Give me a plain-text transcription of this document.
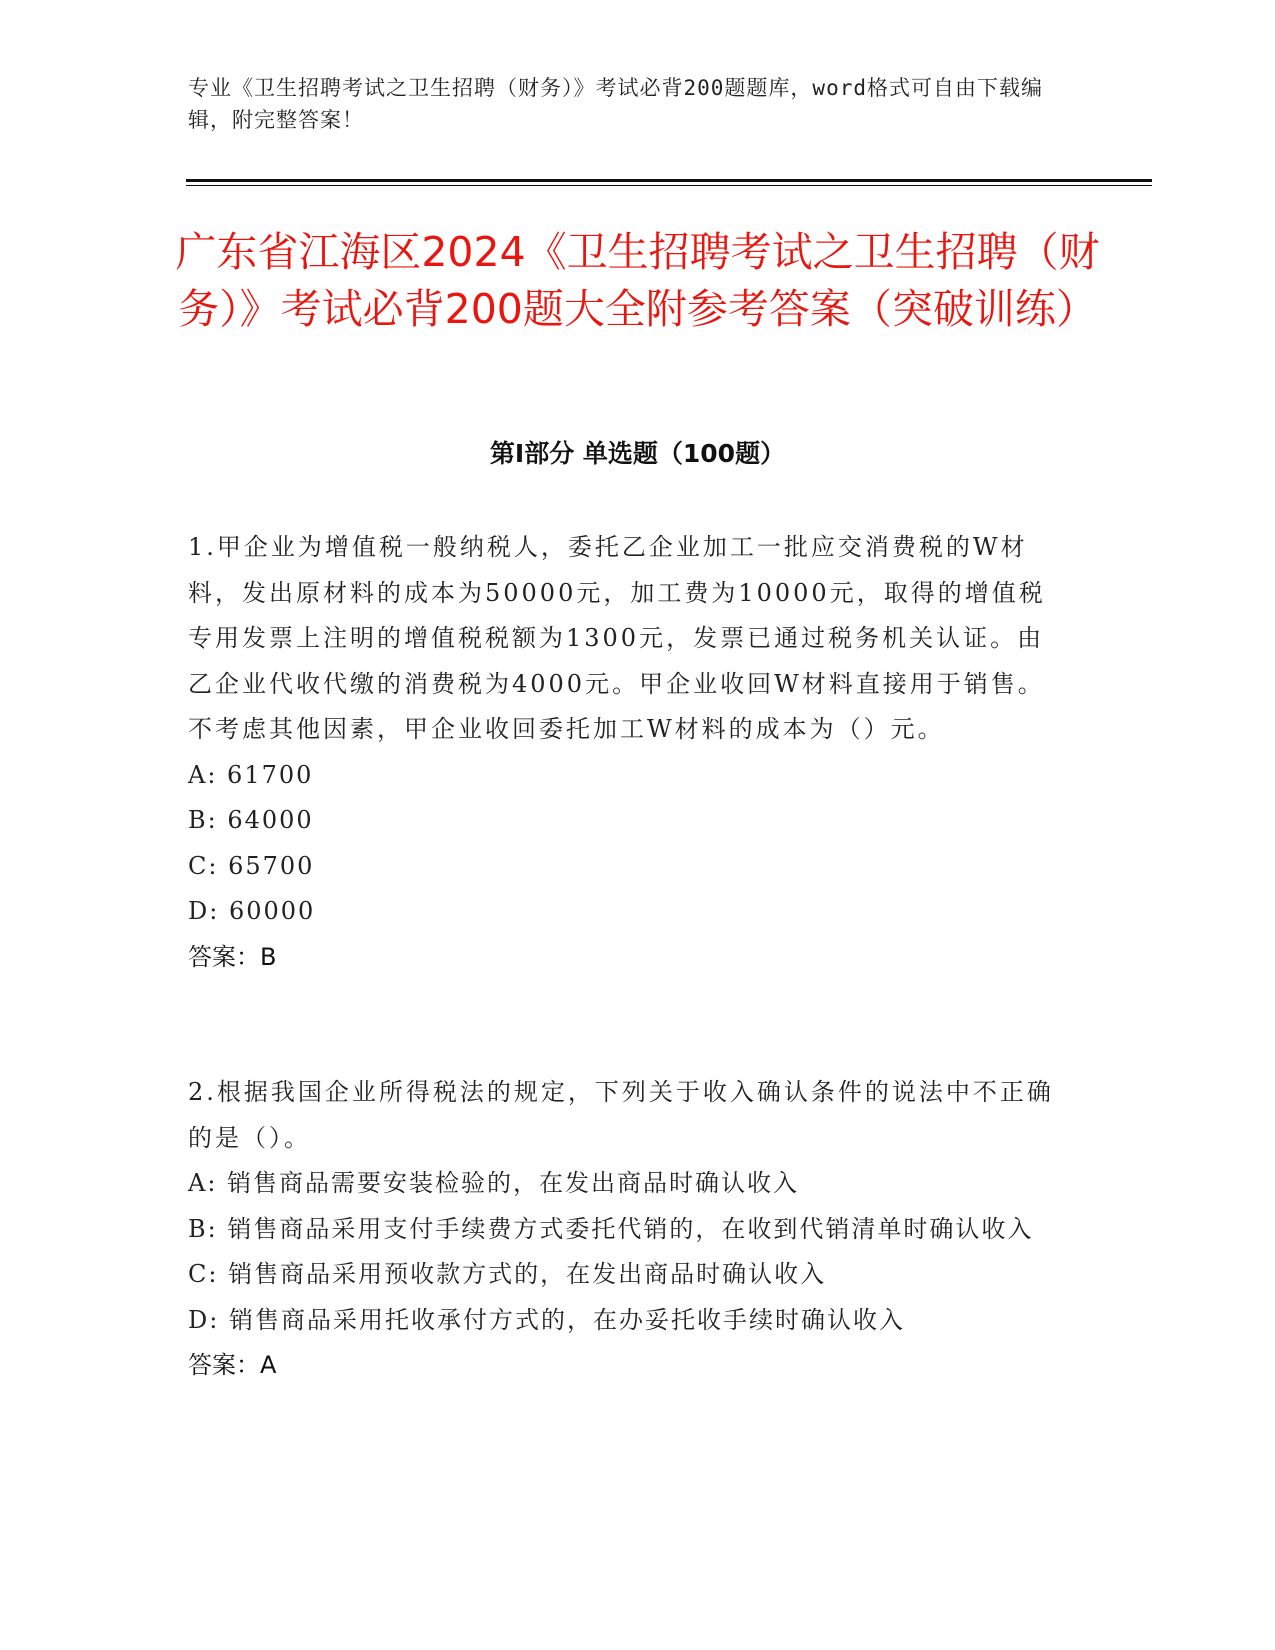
专业《卫生招聘考试之卫生招聘（财务）》考试必背200题题库，word格式可自由下载编辑，附完整答案！
广东省江海区2024《卫生招聘考试之卫生招聘（财务）》考试必背200题大全附参考答案（突破训练）
第Ⅰ部分 单选题（100题）

1.甲企业为增值税一般纳税人，委托乙企业加工一批应交消费税的W材料，发出原材料的成本为50000元，加工费为10000元，取得的增值税专用发票上注明的增值税税额为1300元，发票已通过税务机关认证。由乙企业代收代缴的消费税为4000元。甲企业收回W材料直接用于销售。不考虑其他因素，甲企业收回委托加工W材料的成本为（）元。

A: 61700

B: 64000

C: 65700

D: 60000

答案：B

2.根据我国企业所得税法的规定，下列关于收入确认条件的说法中不正确的是（）。

A: 销售商品需要安装检验的，在发出商品时确认收入

B: 销售商品采用支付手续费方式委托代销的，在收到代销清单时确认收入

C: 销售商品采用预收款方式的，在发出商品时确认收入

D: 销售商品采用托收承付方式的，在办妥托收手续时确认收入

答案：A
